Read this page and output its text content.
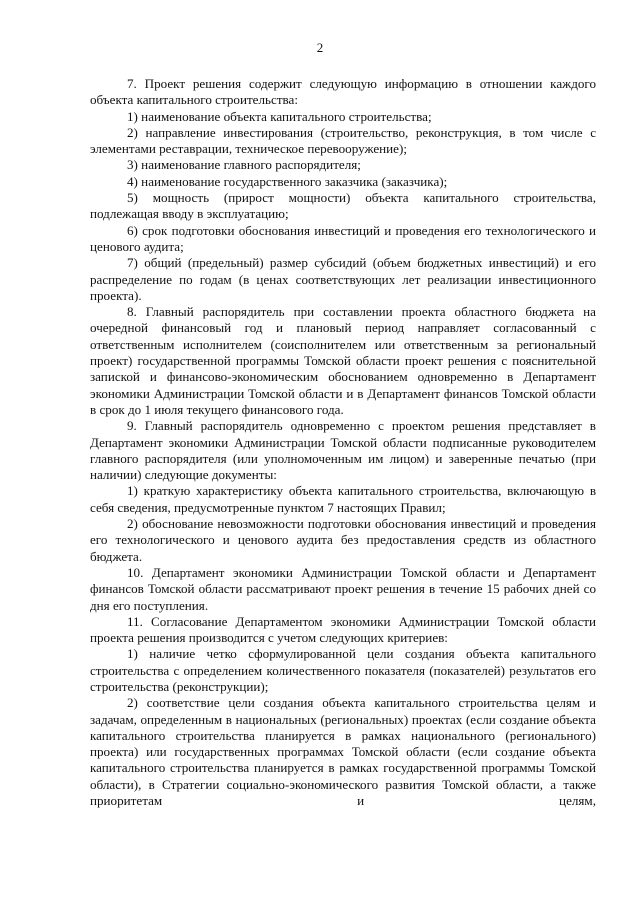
2

7. Проект решения содержит следующую информацию в отношении каждого объекта капитального строительства:

1) наименование объекта капитального строительства;

2) направление инвестирования (строительство, реконструкция, в том числе с элементами реставрации, техническое перевооружение);

3) наименование главного распорядителя;

4) наименование государственного заказчика (заказчика);

5) мощность (прирост мощности) объекта капитального строительства, подлежащая вводу в эксплуатацию;

6) срок подготовки обоснования инвестиций и проведения его технологического и ценового аудита;

7) общий (предельный) размер субсидий (объем бюджетных инвестиций) и его распределение по годам (в ценах соответствующих лет реализации инвестиционного проекта).

8. Главный распорядитель при составлении проекта областного бюджета на очередной финансовый год и плановый период направляет согласованный с ответственным исполнителем (соисполнителем или ответственным за региональный проект) государственной программы Томской области проект решения с пояснительной запиской и финансово-экономическим обоснованием одновременно в Департамент экономики Администрации Томской области и в Департамент финансов Томской области в срок до 1 июля текущего финансового года.

9. Главный распорядитель одновременно с проектом решения представляет в Департамент экономики Администрации Томской области подписанные руководителем главного распорядителя (или уполномоченным им лицом) и заверенные печатью (при наличии) следующие документы:

1) краткую характеристику объекта капитального строительства, включающую в себя сведения, предусмотренные пунктом 7 настоящих Правил;

2) обоснование невозможности подготовки обоснования инвестиций и проведения его технологического и ценового аудита без предоставления средств из областного бюджета.

10. Департамент экономики Администрации Томской области и Департамент финансов Томской области рассматривают проект решения в течение 15 рабочих дней со дня его поступления.

11. Согласование Департаментом экономики Администрации Томской области проекта решения производится с учетом следующих критериев:

1) наличие четко сформулированной цели создания объекта капитального строительства с определением количественного показателя (показателей) результатов его строительства (реконструкции);

2) соответствие цели создания объекта капитального строительства целям и задачам, определенным в национальных (региональных) проектах (если создание объекта капитального строительства планируется в рамках национального (регионального) проекта) или государственных программах Томской области (если создание объекта капитального строительства планируется в рамках государственной программы Томской области), в Стратегии социально-экономического развития Томской области, а также приоритетам и целям,
